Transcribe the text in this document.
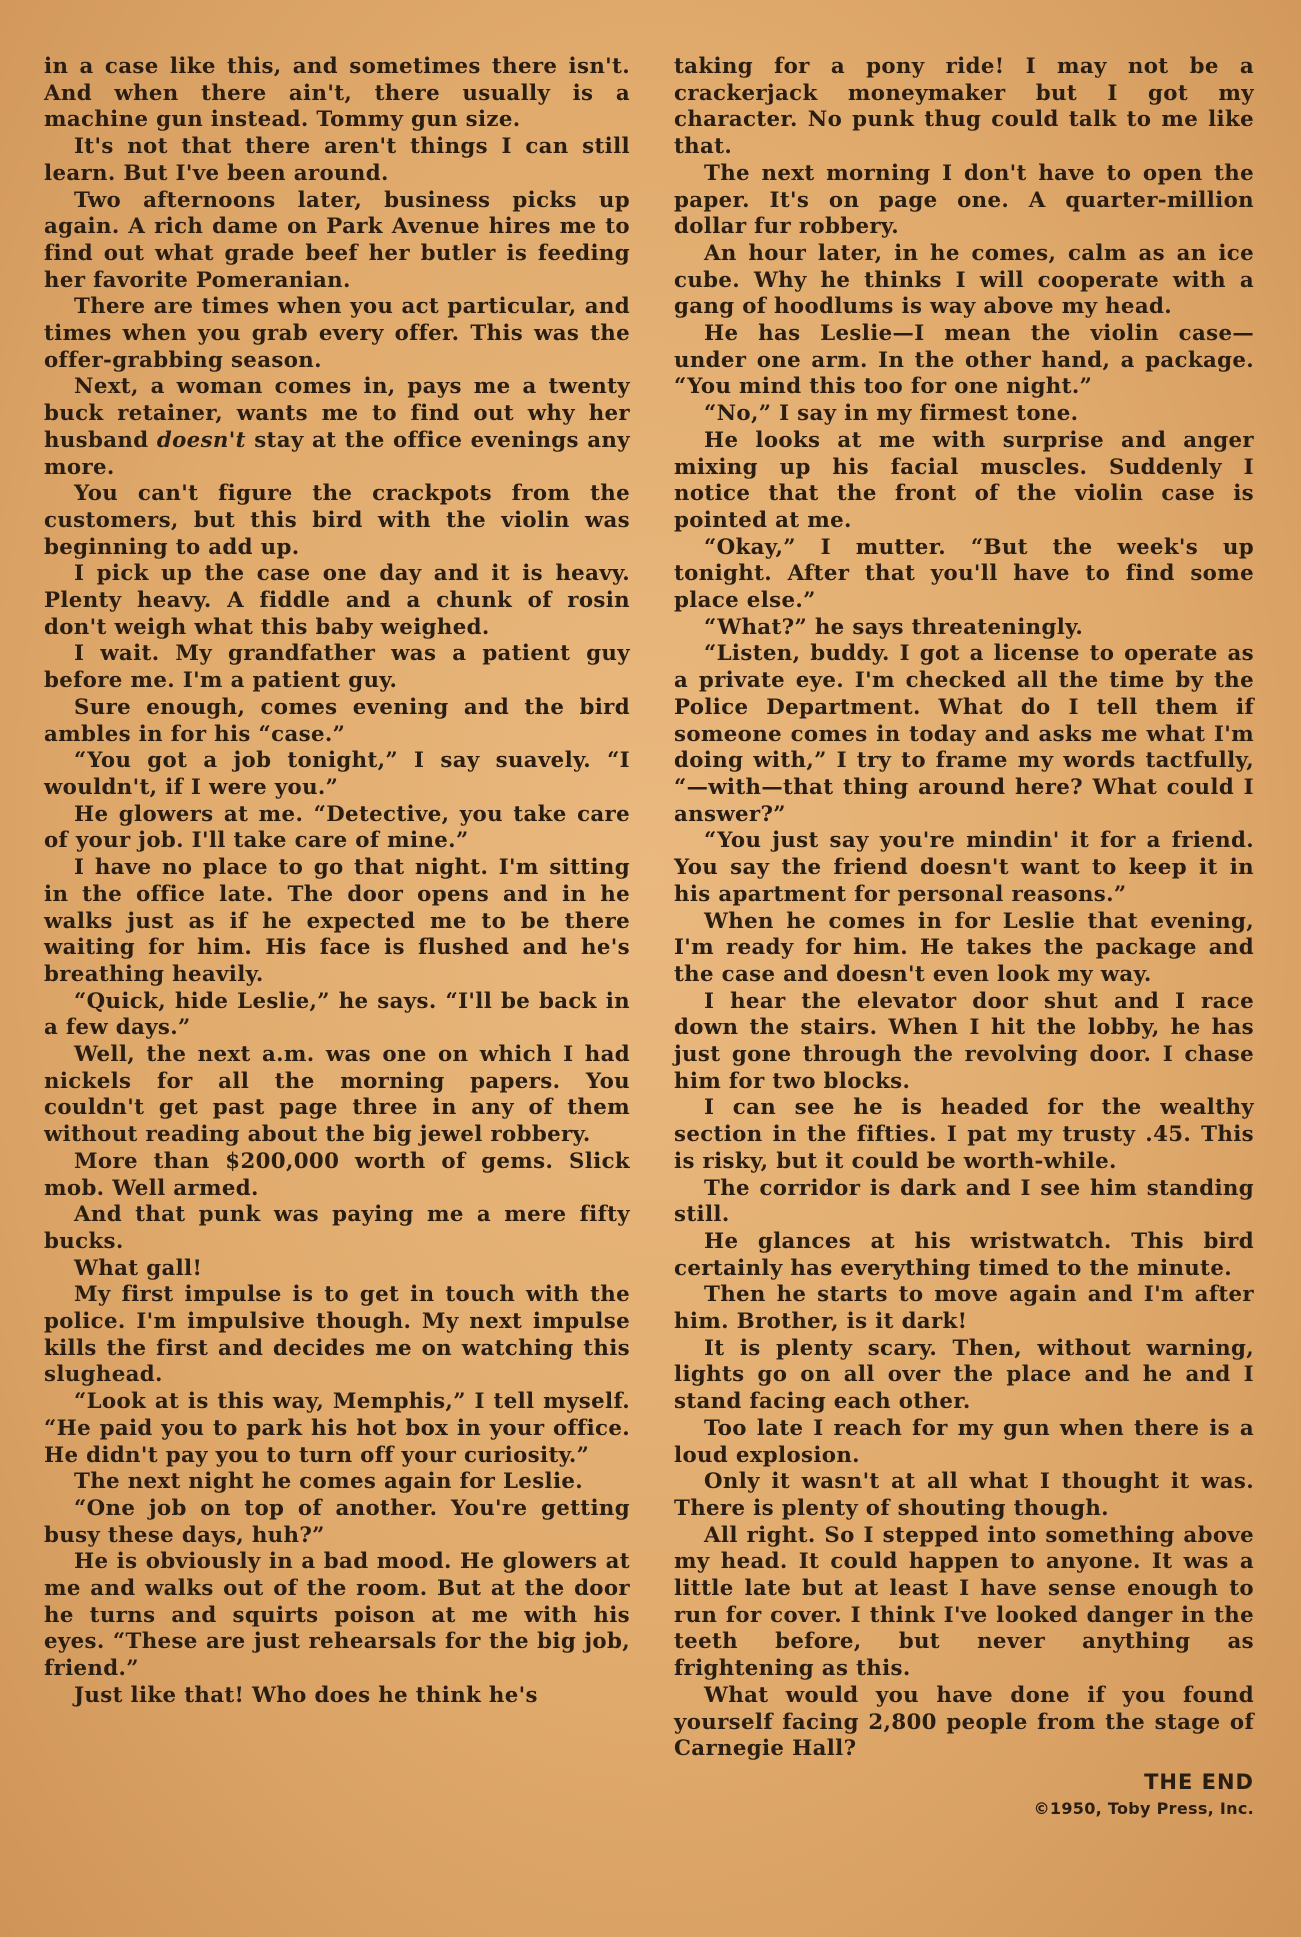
in a case like this, and sometimes there isn't. And when there ain't, there usually is a machine gun instead. Tommy gun size.

It's not that there aren't things I can still learn. But I've been around.

Two afternoons later, business picks up again. A rich dame on Park Avenue hires me to find out what grade beef her butler is feeding her favorite Pomeranian.

There are times when you act particular, and times when you grab every offer. This was the offer-grabbing season.

Next, a woman comes in, pays me a twenty buck retainer, wants me to find out why her husband doesn't stay at the office evenings any more.

You can't figure the crackpots from the customers, but this bird with the violin was beginning to add up.

I pick up the case one day and it is heavy. Plenty heavy. A fiddle and a chunk of rosin don't weigh what this baby weighed.

I wait. My grandfather was a patient guy before me. I'm a patient guy.

Sure enough, comes evening and the bird ambles in for his “case.”

“You got a job tonight,” I say suavely. “I wouldn't, if I were you.”

He glowers at me. “Detective, you take care of your job. I'll take care of mine.”

I have no place to go that night. I'm sitting in the office late. The door opens and in he walks just as if he expected me to be there waiting for him. His face is flushed and he's breathing heavily.

“Quick, hide Leslie,” he says. “I'll be back in a few days.”

Well, the next a.m. was one on which I had nickels for all the morning papers. You couldn't get past page three in any of them without reading about the big jewel robbery.

More than $200,000 worth of gems. Slick mob. Well armed.

And that punk was paying me a mere fifty bucks.

What gall!

My first impulse is to get in touch with the police. I'm impulsive though. My next impulse kills the first and decides me on watching this slughead.

“Look at is this way, Memphis,” I tell myself. “He paid you to park his hot box in your office. He didn't pay you to turn off your curiosity.”

The next night he comes again for Leslie.

“One job on top of another. You're getting busy these days, huh?”

He is obviously in a bad mood. He glowers at me and walks out of the room. But at the door he turns and squirts poison at me with his eyes. “These are just rehearsals for the big job, friend.”

Just like that! Who does he think he's

taking for a pony ride! I may not be a crackerjack moneymaker but I got my character. No punk thug could talk to me like that.

The next morning I don't have to open the paper. It's on page one. A quarter-million dollar fur robbery.

An hour later, in he comes, calm as an ice cube. Why he thinks I will cooperate with a gang of hoodlums is way above my head.

He has Leslie—I mean the violin case—under one arm. In the other hand, a package. “You mind this too for one night.”

“No,” I say in my firmest tone.

He looks at me with surprise and anger mixing up his facial muscles. Suddenly I notice that the front of the violin case is pointed at me.

“Okay,” I mutter. “But the week's up tonight. After that you'll have to find some place else.”

“What?” he says threateningly.

“Listen, buddy. I got a license to operate as a private eye. I'm checked all the time by the Police Department. What do I tell them if someone comes in today and asks me what I'm doing with,” I try to frame my words tactfully, “—with—that thing around here? What could I answer?”

“You just say you're mindin' it for a friend. You say the friend doesn't want to keep it in his apartment for personal reasons.”

When he comes in for Leslie that evening, I'm ready for him. He takes the package and the case and doesn't even look my way.

I hear the elevator door shut and I race down the stairs. When I hit the lobby, he has just gone through the revolving door. I chase him for two blocks.

I can see he is headed for the wealthy section in the fifties. I pat my trusty .45. This is risky, but it could be worth-while.

The corridor is dark and I see him standing still.

He glances at his wristwatch. This bird certainly has everything timed to the minute.

Then he starts to move again and I'm after him. Brother, is it dark!

It is plenty scary. Then, without warning, lights go on all over the place and he and I stand facing each other.

Too late I reach for my gun when there is a loud explosion.

Only it wasn't at all what I thought it was. There is plenty of shouting though.

All right. So I stepped into something above my head. It could happen to anyone. It was a little late but at least I have sense enough to run for cover. I think I've looked danger in the teeth before, but never anything as frightening as this.

What would you have done if you found yourself facing 2,800 people from the stage of Carnegie Hall?

THE END
©1950, Toby Press, Inc.
